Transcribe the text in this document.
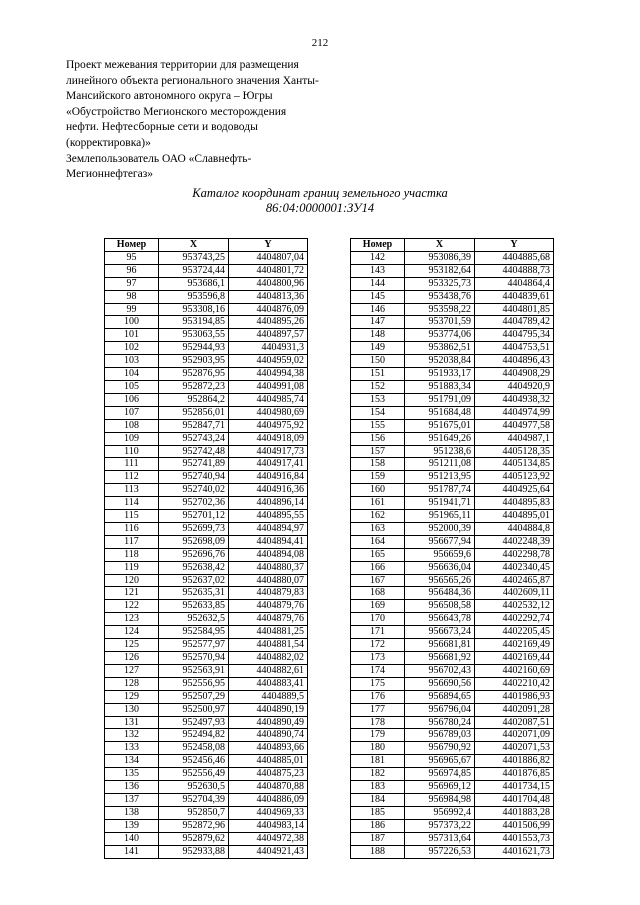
212
Проект межевания территории для размещения
линейного объекта регионального значения Ханты-
Мансийского автономного округа – Югры
«Обустройство Мегионского месторождения
нефти. Нефтесборные сети и водоводы
(корректировка)»
Землепользователь ОАО «Славнефть-
Мегионнефтегаз»
Каталог координат границ земельного участка
86:04:0000001:ЗУ14
Номер	X	Y
95	953743,25	4404807,04
96	953724,44	4404801,72
97	953686,1	4404800,96
98	953596,8	4404813,36
99	953308,16	4404876,09
100	953194,85	4404895,26
101	953063,55	4404897,57
102	952944,93	4404931,3
103	952903,95	4404959,02
104	952876,95	4404994,38
105	952872,23	4404991,08
106	952864,2	4404985,74
107	952856,01	4404980,69
108	952847,71	4404975,92
109	952743,24	4404918,09
110	952742,48	4404917,73
111	952741,89	4404917,41
112	952740,94	4404916,84
113	952740,02	4404916,36
114	952702,36	4404896,14
115	952701,12	4404895,55
116	952699,73	4404894,97
117	952698,09	4404894,41
118	952696,76	4404894,08
119	952638,42	4404880,37
120	952637,02	4404880,07
121	952635,31	4404879,83
122	952633,85	4404879,76
123	952632,5	4404879,76
124	952584,95	4404881,25
125	952577,97	4404881,54
126	952570,94	4404882,02
127	952563,91	4404882,61
128	952556,95	4404883,41
129	952507,29	4404889,5
130	952500,97	4404890,19
131	952497,93	4404890,49
132	952494,82	4404890,74
133	952458,08	4404893,66
134	952456,46	4404885,01
135	952556,49	4404875,23
136	952630,5	4404870,88
137	952704,39	4404886,09
138	952850,7	4404969,33
139	952872,96	4404983,14
140	952879,62	4404972,38
141	952933,88	4404921,43
Номер	X	Y
142	953086,39	4404885,68
143	953182,64	4404888,73
144	953325,73	4404864,4
145	953438,76	4404839,61
146	953598,22	4404801,85
147	953701,59	4404789,42
148	953774,06	4404795,34
149	953862,51	4404753,51
150	952038,84	4404896,43
151	951933,17	4404908,29
152	951883,34	4404920,9
153	951791,09	4404938,32
154	951684,48	4404974,99
155	951675,01	4404977,58
156	951649,26	4404987,1
157	951238,6	4405128,35
158	951211,08	4405134,85
159	951213,95	4405123,92
160	951787,74	4404925,64
161	951941,71	4404895,83
162	951965,11	4404895,01
163	952000,39	4404884,8
164	956677,94	4402248,39
165	956659,6	4402298,78
166	956636,04	4402340,45
167	956565,26	4402465,87
168	956484,36	4402609,11
169	956508,58	4402532,12
170	956643,78	4402292,74
171	956673,24	4402205,45
172	956681,81	4402169,49
173	956681,92	4402169,44
174	956702,43	4402160,69
175	956690,56	4402210,42
176	956894,65	4401986,93
177	956796,04	4402091,28
178	956780,24	4402087,51
179	956789,03	4402071,09
180	956790,92	4402071,53
181	956965,67	4401886,82
182	956974,85	4401876,85
183	956969,12	4401734,15
184	956984,98	4401704,48
185	956992,4	4401883,28
186	957373,22	4401506,99
187	957313,64	4401553,73
188	957226,53	4401621,73
